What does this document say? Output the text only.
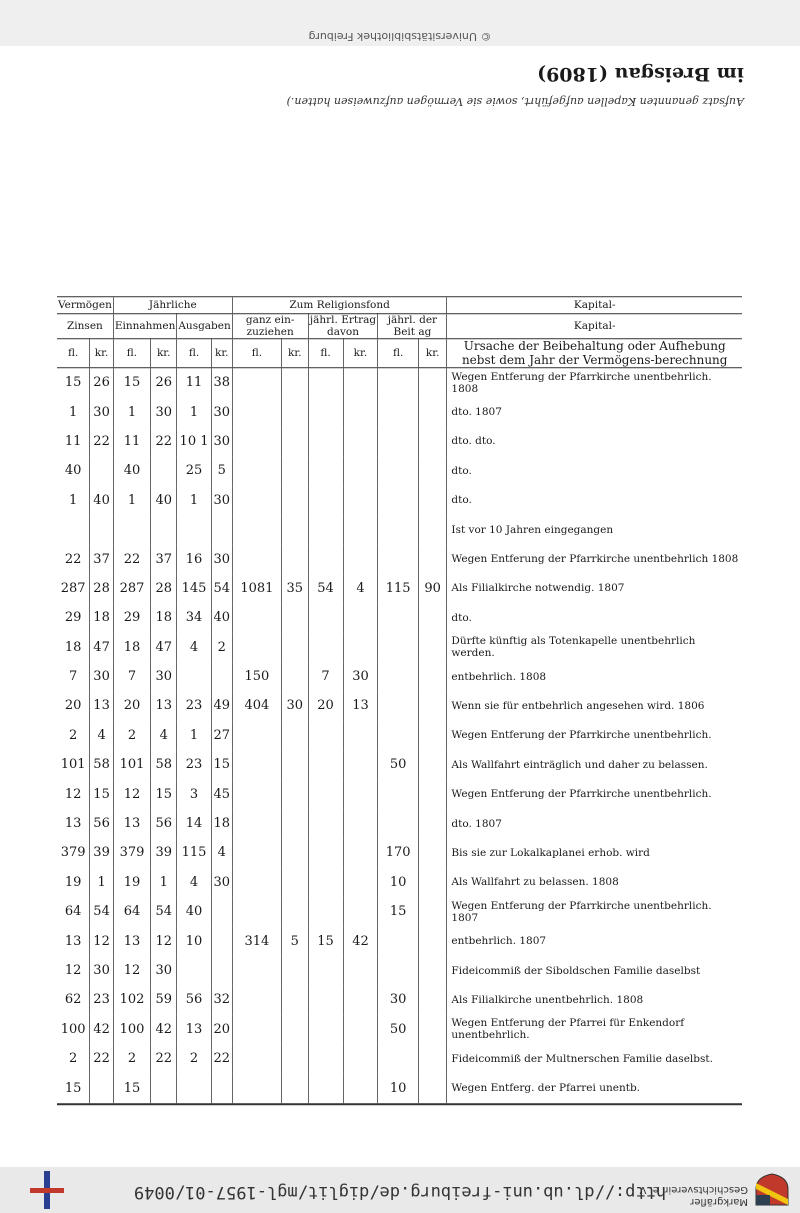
Markgräfler
Geschichtsverein e. V.
http://dl.ub.uni-freiburg.de/diglit/mgl-1957-01/0049
© Universitätsbibliothek Freiburg
im Breisgau (1809)
Aufsatz genannten Kapellen aufgeführt, sowie sie Vermögen aufzuweisen hatten.)
Vermögen		Jährliche				Zum Religionsfond						Kapital-
Zinsen		Einnahmen		Ausgaben		ganz ein-zuziehen		jährl. Ertrag davon		jährl. der Beit ag		Kapital-
fl.	kr.	fl.	kr.	fl.	kr.	fl.	kr.	fl.	kr.	fl.	kr.	Ursache der Beibehaltung oder Aufhebung nebst dem Jahr der Vermögens-berechnung
15	26	15	26	11	38							Wegen Entferung der Pfarrkirche unentbehrlich. 1808
1	30	1	30	1	30							dto. 1807
11	22	11	22	10 1	30							dto. dto.
40		40		25	5							dto.
1	40	1	40	1	30							dto.
												Ist vor 10 Jahren eingegangen
22	37	22	37	16	30							Wegen Entferung der Pfarrkirche unentbehrlich 1808
287	28	287	28	145	54	1081	35	54	4	115	90	Als Filialkirche notwendig. 1807
29	18	29	18	34	40							dto.
18	47	18	47	4	2							Dürfte künftig als Totenkapelle unentbehrlich werden.
7	30	7	30			150		7	30			entbehrlich. 1808
20	13	20	13	23	49	404	30	20	13			Wenn sie für entbehrlich angesehen wird. 1806
2	4	2	4	1	27							Wegen Entferung der Pfarrkirche unentbehrlich.
101	58	101	58	23	15					50		Als Wallfahrt einträglich und daher zu belassen.
12	15	12	15	3	45							Wegen Entferung der Pfarrkirche unentbehrlich.
13	56	13	56	14	18							dto. 1807
379	39	379	39	115	4					170		Bis sie zur Lokalkaplanei erhob. wird
19	1	19	1	4	30					10		Als Wallfahrt zu belassen. 1808
64	54	64	54	40						15		Wegen Entferung der Pfarrkirche unentbehrlich. 1807
13	12	13	12	10		314	5	15	42			entbehrlich. 1807
12	30	12	30									Fideicommiß der Siboldschen Familie daselbst
62	23	102	59	56	32					30		Als Filialkirche unentbehrlich. 1808
100	42	100	42	13	20					50		Wegen Entferung der Pfarrei für Enkendorf unentbehrlich.
2	22	2	22	2	22							Fideicommiß der Multnerschen Familie daselbst.
15		15								10		Wegen Entferg. der Pfarrei unentb.
